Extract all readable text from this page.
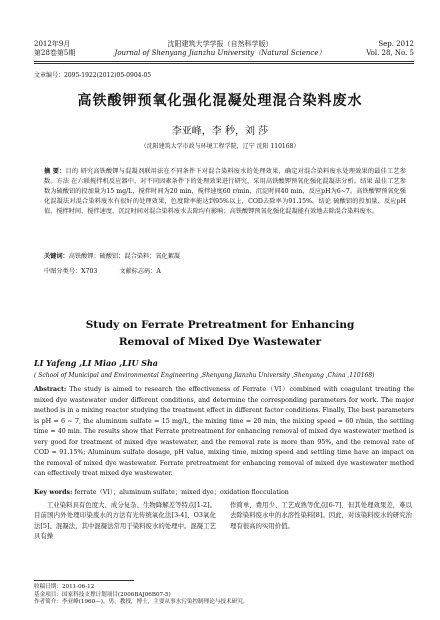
2012年9月
第28卷第5期
沈阳建筑大学学报（自然科学版）
Journal of Shenyang Jianzhu University（Natural Science）
Sep. 2012
Vol. 28, No. 5
文章编号：2095-1922(2012)05-0904-05
高铁酸钾预氧化强化混凝处理混合染料废水
李亚峰，李 秒，刘 莎
（沈阳建筑大学市政与环境工程学院，辽宁 沈阳 110168）
摘 要：目的 研究高铁酸钾与混凝剂联用法在不同条件下对混合染料废水的处理效果，确定对混合染料废水处理效果的最佳工艺参数。方法 在六联搅拌机反应器中，对不同因素条件下的处理效果进行研究，采用高铁酸钾预氧化强化混凝法分析。结果 最佳工艺参数为硫酸铝的投加量为15 mg/L，搅拌时间为20 min，搅拌速度60 r/min，沉淀时间40 min，反应pH为6~7。高铁酸钾预氧化强化混凝法对混合染料废水有很好的处理效果，色度除率能达到95%以上，COD去除率为91.15%。结论 硫酸铝的投加量、反应pH值、搅拌时间、搅拌速度、沉淀时间对混合染料废水去除均有影响；高铁酸钾预氧化强化混凝能有效地去除混合染料废水。
关键词：高铁酸钾；硫酸铝；混合染料；氧化絮凝
中图分类号：X703	文献标志码：A
Study on Ferrate Pretreatment for Enhancing
Removal of Mixed Dye Wastewater
LI Yafeng ,LI Miao ,LIU Sha
( School of Municipal and Environmental Engineering ,Shenyang Jianzhu University ,Shenyang ,China ,110168)
Abstract: The study is aimed to research the effectiveness of Ferrate（VI）combined with coagulant treating the mixed dye wastewater under different conditions, and determine the corresponding parameters for work. The major method is in a mixing reactor studying the treatment effect in different factor conditions. Finally, The best parameters is pH = 6 ~ 7, the aluminum sulfate = 15 mg/L, the mixing time = 20 min, the mixing speed = 60 r/min, the settling time = 40 min. The results show that Ferrate pretreatment for enhancing removal of mixed dye wastewater method is very good for treatment of mixed dye wastewater, and the removal rate is more than 95%, and the removal rate of COD = 91.15%; Aluminum sulfate dosage, pH value, mixing time, mixing speed and settling time have an impact on the removal of mixed dye wastewater. Ferrate pretreatment for enhancing removal of mixed dye wastewater method can effectively treat mixed dye wastewater.
Key words: ferrate（VI）；aluminum sulfate；mixed dye；oxidation flocculation
工业染料具有色度大、成分复杂、生物降解差等特点[1-2]。目前国内外处理印染废水的方法有光传统氧化法[3-4]、O3氧化法[5]、混凝法，其中混凝法常用于染料废水的处理中。混凝工艺具有操
作简单、费用少、工艺成熟等优点[6-7]，但其处理效果差，难以去除染料废水中的水溶性染料[8]。因此，对该染料废水的研究治理有很高的实用价值。
收稿日期：2011-06-12
基金项目：国家科技支撑计划项目(2006BAJ06B07-5)
作者简介：李亚峰(1960—)，男，教授，博士，主要从事水污染控制理论与技术研究。
